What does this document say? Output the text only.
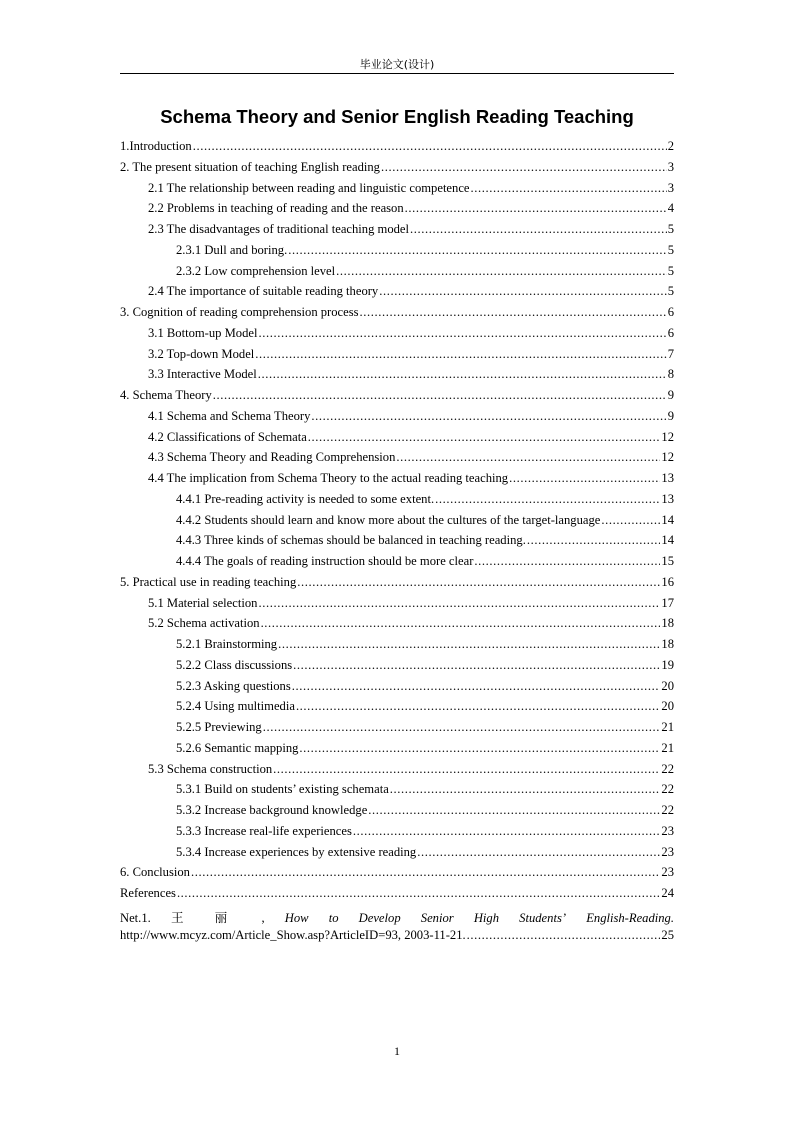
毕业论文(设计)
Schema Theory and Senior English Reading Teaching
1.Introduction .....	2
2. The present situation of teaching English reading .....	3
2.1 The relationship between reading and linguistic competence .....	3
2.2 Problems in teaching of reading and the reason .....	4
2.3 The disadvantages of traditional teaching model .....	5
2.3.1 Dull and boring. .....	5
2.3.2 Low comprehension level .....	5
2.4 The importance of suitable reading theory .....	5
3. Cognition of reading comprehension process .....	6
3.1 Bottom-up Model .....	6
3.2 Top-down Model .....	7
3.3 Interactive Model .....	8
4. Schema Theory .....	9
4.1 Schema and Schema Theory .....	9
4.2 Classifications of Schemata .....	12
4.3 Schema Theory and Reading Comprehension .....	12
4.4 The implication from Schema Theory to the actual reading teaching .....	13
4.4.1 Pre-reading activity is needed to some extent. .....	13
4.4.2 Students should learn and know more about the cultures of the target-language .....	14
4.4.3 Three kinds of schemas should be balanced in teaching reading. .....	14
4.4.4 The goals of reading instruction should be more clear .....	15
5. Practical use in reading teaching .....	16
5.1 Material selection .....	17
5.2 Schema activation .....	18
5.2.1 Brainstorming .....	18
5.2.2 Class discussions .....	19
5.2.3 Asking questions .....	20
5.2.4 Using multimedia .....	20
5.2.5 Previewing .....	21
5.2.6 Semantic mapping .....	21
5.3 Schema construction .....	22
5.3.1 Build on students’ existing schemata .....	22
5.3.2 Increase background knowledge .....	22
5.3.3 Increase real-life experiences .....	23
5.3.4 Increase experiences by extensive reading .....	23
6. Conclusion .....	23
References .....	24
Net.1. 王 丽 , How to Develop Senior High Students’ English-Reading.
http://www.mcyz.com/Article_Show.asp?ArticleID=93, 2003-11-21. .....	25
1
